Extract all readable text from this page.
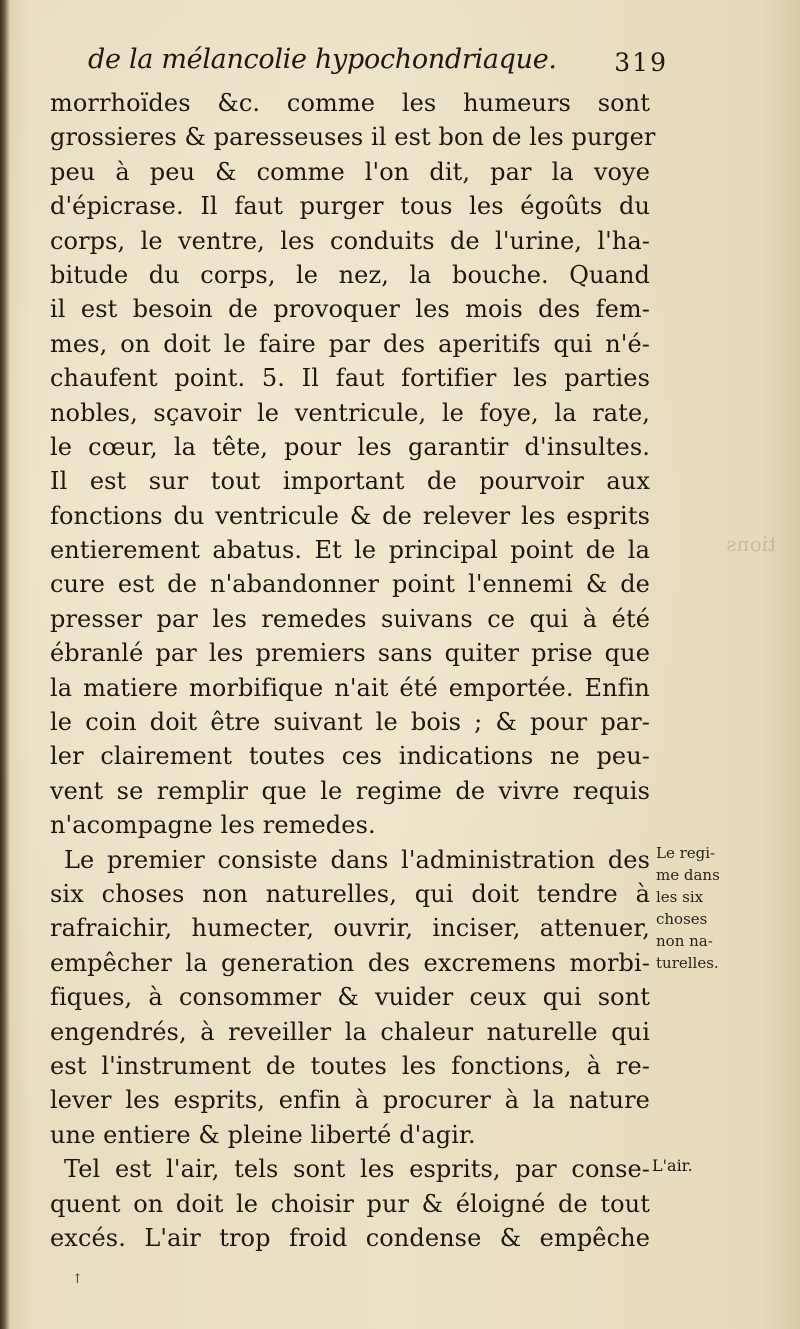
tions
de la mélancolie hypochondriaque. 319
morrhoïdes &c. comme les humeurs sont
grossieres & paresseuses il est bon de les purger
peu à peu & comme l'on dit, par la voye
d'épicrase. Il faut purger tous les égoûts du
corps, le ventre, les conduits de l'urine, l'ha-
bitude du corps, le nez, la bouche. Quand
il est besoin de provoquer les mois des fem-
mes, on doit le faire par des aperitifs qui n'é-
chaufent point. 5. Il faut fortifier les parties
nobles, sçavoir le ventricule, le foye, la rate,
le cœur, la tête, pour les garantir d'insultes.
Il est sur tout important de pourvoir aux
fonctions du ventricule & de relever les esprits
entierement abatus. Et le principal point de la
cure est de n'abandonner point l'ennemi & de
presser par les remedes suivans ce qui à été
ébranlé par les premiers sans quiter prise que
la matiere morbifique n'ait été emportée. Enfin
le coin doit être suivant le bois ; & pour par-
ler clairement toutes ces indications ne peu-
vent se remplir que le regime de vivre requis
n'acompagne les remedes.
Le premier consiste dans l'administration des
six choses non naturelles, qui doit tendre à
rafraichir, humecter, ouvrir, inciser, attenuer,
empêcher la generation des excremens morbi-
fiques, à consommer & vuider ceux qui sont
engendrés, à reveiller la chaleur naturelle qui
est l'instrument de toutes les fonctions, à re-
lever les esprits, enfin à procurer à la nature
une entiere & pleine liberté d'agir.
Tel est l'air, tels sont les esprits, par conse-
quent on doit le choisir pur & éloigné de tout
excés. L'air trop froid condense & empêche
Le regi-
me dans
les six
choses
non na-
turelles.
L'air.
↑
